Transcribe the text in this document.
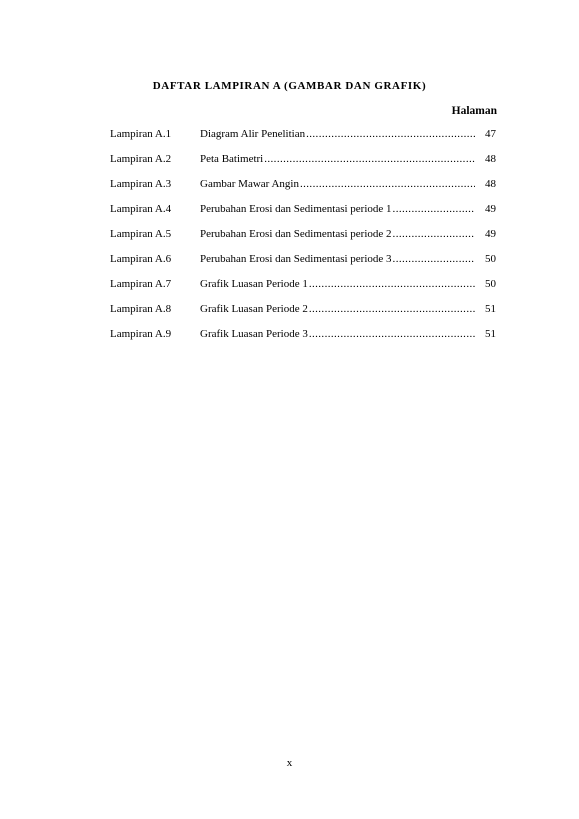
DAFTAR LAMPIRAN A (GAMBAR DAN GRAFIK)
Halaman
Lampiran A.1	Diagram Alir Penelitian .....	47
Lampiran A.2	Peta Batimetri .....	48
Lampiran A.3	Gambar Mawar Angin .....	48
Lampiran A.4	Perubahan Erosi dan Sedimentasi periode 1 .....	49
Lampiran A.5	Perubahan Erosi dan Sedimentasi periode 2 .....	49
Lampiran A.6	Perubahan Erosi dan Sedimentasi periode 3 .....	50
Lampiran A.7	Grafik Luasan Periode 1 .....	50
Lampiran A.8	Grafik Luasan Periode 2 .....	51
Lampiran A.9	Grafik Luasan Periode 3 .....	51
x
